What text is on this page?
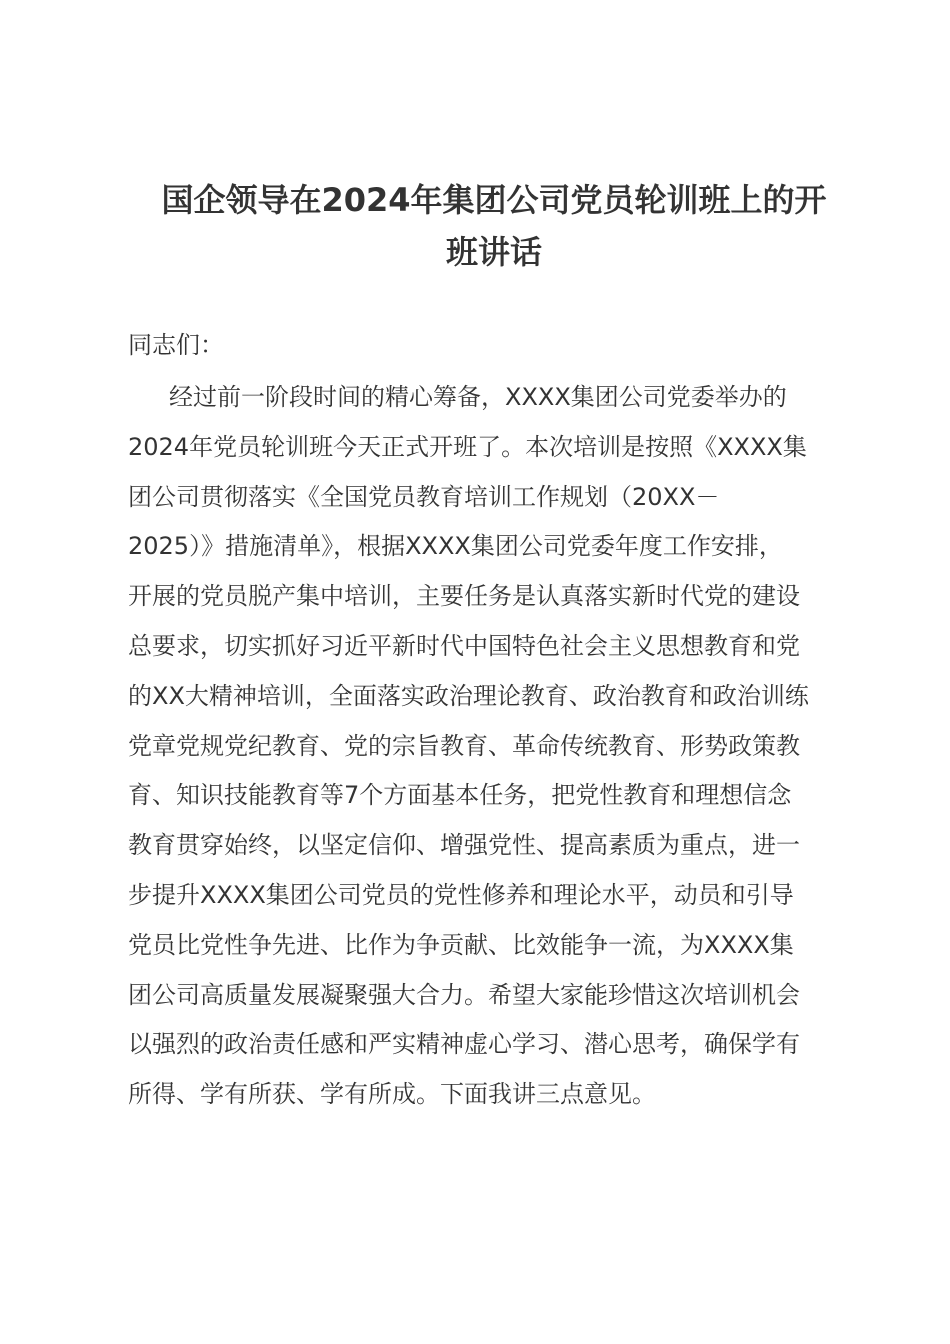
国企领导在2024年集团公司党员轮训班上的开
班讲话

同志们：

经过前一阶段时间的精心筹备，XXXX集团公司党委举办的
2024年党员轮训班今天正式开班了。本次培训是按照《XXXX集
团公司贯彻落实《全国党员教育培训工作规划（20XX－
2025）》措施清单》，根据XXXX集团公司党委年度工作安排，
开展的党员脱产集中培训，主要任务是认真落实新时代党的建设
总要求，切实抓好习近平新时代中国特色社会主义思想教育和党
的XX大精神培训，全面落实政治理论教育、政治教育和政治训练
党章党规党纪教育、党的宗旨教育、革命传统教育、形势政策教
育、知识技能教育等7个方面基本任务，把党性教育和理想信念
教育贯穿始终，以坚定信仰、增强党性、提高素质为重点，进一
步提升XXXX集团公司党员的党性修养和理论水平，动员和引导
党员比党性争先进、比作为争贡献、比效能争一流，为XXXX集
团公司高质量发展凝聚强大合力。希望大家能珍惜这次培训机会
以强烈的政治责任感和严实精神虚心学习、潜心思考，确保学有
所得、学有所获、学有所成。下面我讲三点意见。
